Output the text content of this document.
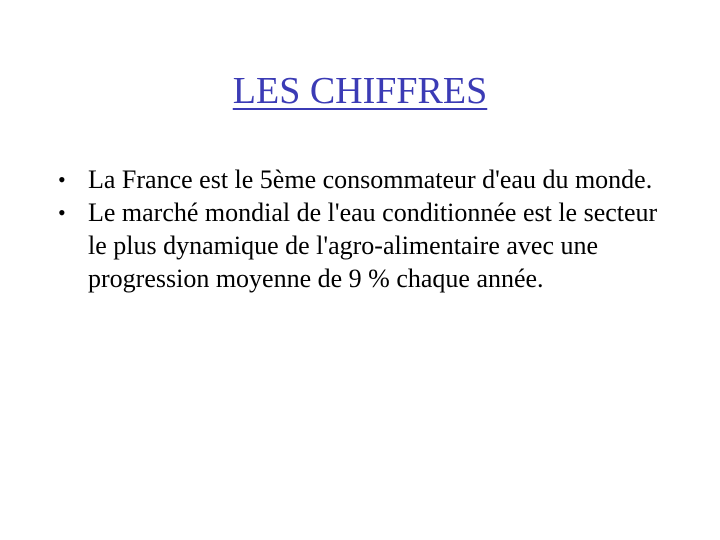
LES CHIFFRES
• La France est le 5ème consommateur d'eau du monde.
• Le marché mondial de l'eau conditionnée est le secteur le plus dynamique de l'agro-alimentaire avec une progression moyenne de 9 % chaque année.
